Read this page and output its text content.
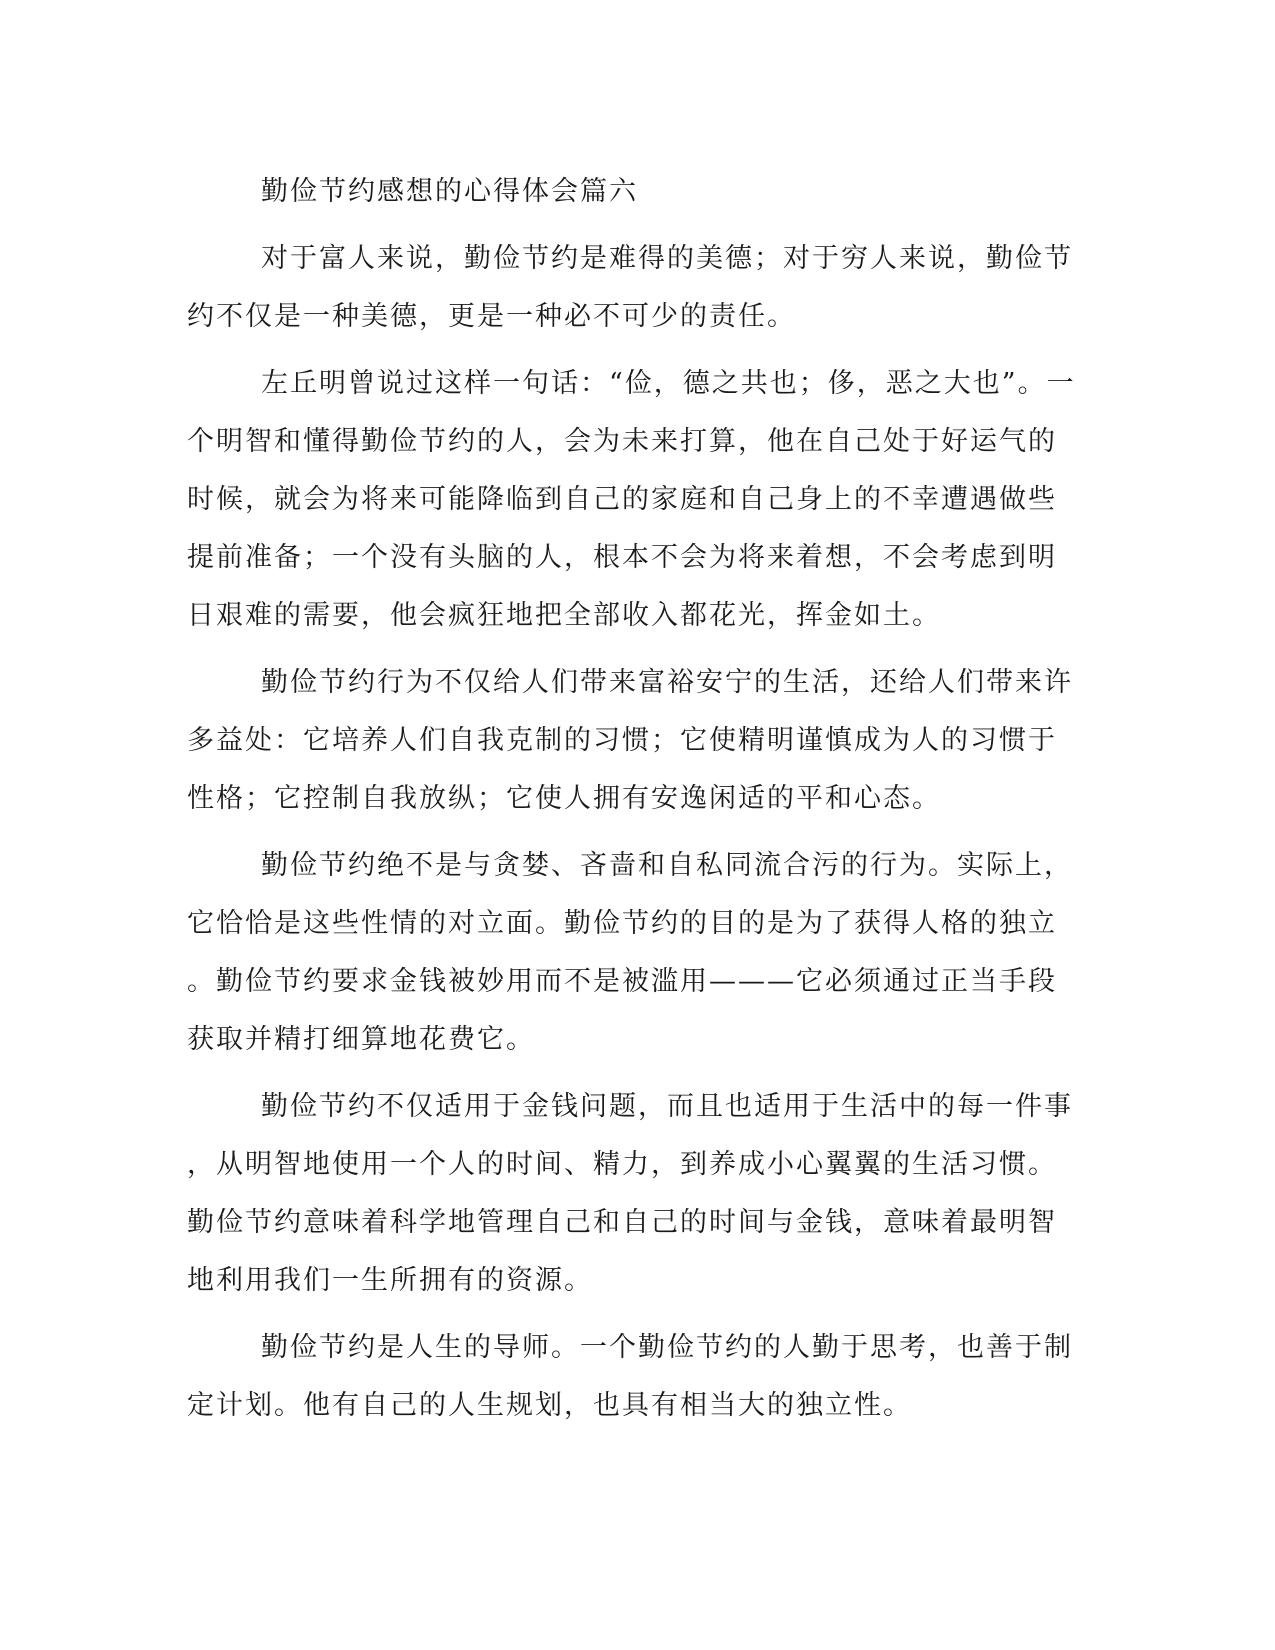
勤俭节约感想的心得体会篇六

对于富人来说，勤俭节约是难得的美德；对于穷人来说，勤俭节
约不仅是一种美德，更是一种必不可少的责任。

左丘明曾说过这样一句话：“俭，德之共也；侈，恶之大也”。一
个明智和懂得勤俭节约的人，会为未来打算，他在自己处于好运气的
时候，就会为将来可能降临到自己的家庭和自己身上的不幸遭遇做些
提前准备；一个没有头脑的人，根本不会为将来着想，不会考虑到明
日艰难的需要，他会疯狂地把全部收入都花光，挥金如土。

勤俭节约行为不仅给人们带来富裕安宁的生活，还给人们带来许
多益处：它培养人们自我克制的习惯；它使精明谨慎成为人的习惯于
性格；它控制自我放纵；它使人拥有安逸闲适的平和心态。

勤俭节约绝不是与贪婪、吝啬和自私同流合污的行为。实际上，
它恰恰是这些性情的对立面。勤俭节约的目的是为了获得人格的独立
。勤俭节约要求金钱被妙用而不是被滥用———它必须通过正当手段
获取并精打细算地花费它。

勤俭节约不仅适用于金钱问题，而且也适用于生活中的每一件事
，从明智地使用一个人的时间、精力，到养成小心翼翼的生活习惯。
勤俭节约意味着科学地管理自己和自己的时间与金钱，意味着最明智
地利用我们一生所拥有的资源。

勤俭节约是人生的导师。一个勤俭节约的人勤于思考，也善于制
定计划。他有自己的人生规划，也具有相当大的独立性。
